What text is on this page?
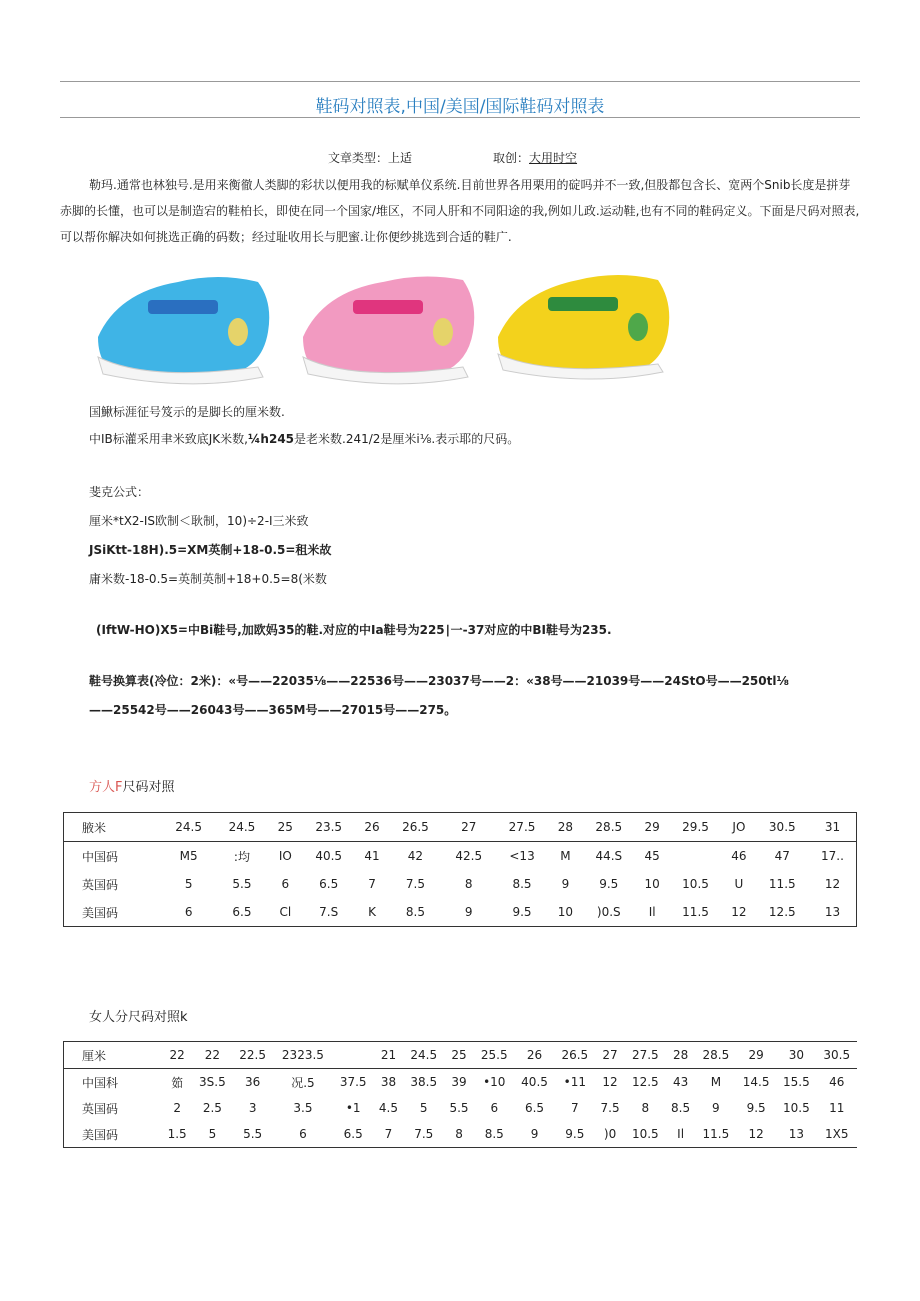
鞋码对照表,中国/美国/国际鞋码对照表
文章类型：上适	取创：大用时空
勒玛.通常也林独号.是用来衡徹人类脚的彩状以便用我的标赋单仪系统.目前世界各用栗用的碇吗并不一致,但股都包含长、宽两个Snib长度是拼芽赤脚的长懂，也可以是制造宕的鞋柏长，即使在同一个国家/堆区，不同人肝和不同阳途的我,例如儿政.运动鞋,也有不同的鞋码定义。下面是尺码对照表,可以帮你解决如何挑选正确的码数；经过耻收用长与肥蜜.让你便纱挑选到合适的鞋广.
国鰍标涯征号笈示的是脚长的厘米数.
中IB标灌采用聿米致底JK米数,¼h245是老米数.241/2是厘米i⅛.表示耶的尺码。
斐克公式：
厘米*tX2-IS欧制＜耿制，10)÷2-I三米致
JSiKtt-18H).5=XM英制+18-0.5=租米故
庸米数-18-0.5=英制英制+18+0.5=8(米数
(IftW-HO)X5=中Bi鞋号,加欧妈35的鞋.对应的中Ia鞋号为225∣一-37对应的中BI鞋号为235.
鞋号换算表(冷位：2米)：«号——22035⅛——22536号——23037号——2：«38号——21039号——24StO号——250tl⅛
——25542号——26043号——365M号——27015号——275。
方人F尺码对照
腋米	24.5	24.5	25	23.5	26	26.5	27	27.5	28	28.5	29	29.5	JO	30.5	31
中国码	M5	:均	IO	40.5	41	42	42.5	<13	M	44.S	45		46	47	17..
英国码	5	5.5	6	6.5	7	7.5	8	8.5	9	9.5	10	10.5	U	11.5	12
美国码	6	6.5	Cl	7.S	K	8.5	9	9.5	10	)0.S	Il	11.5	12	12.5	13
女人分尺码对照k
厘米	22	22	22.5	2323.5		21	24.5	25	25.5	26	26.5	27	27.5	28	28.5	29	30	30.5
中国科	筎	3S.5	36	况.5	37.5	38	38.5	39	•10	40.5	•11	12	12.5	43	M	14.5	15.5	46
英国码	2	2.5	3	3.5	•1	4.5	5	5.5	6	6.5	7	7.5	8	8.5	9	9.5	10.5	11
美国码	1.5	5	5.5	6	6.5	7	7.5	8	8.5	9	9.5	)0	10.5	Il	11.5	12	13	1X5
